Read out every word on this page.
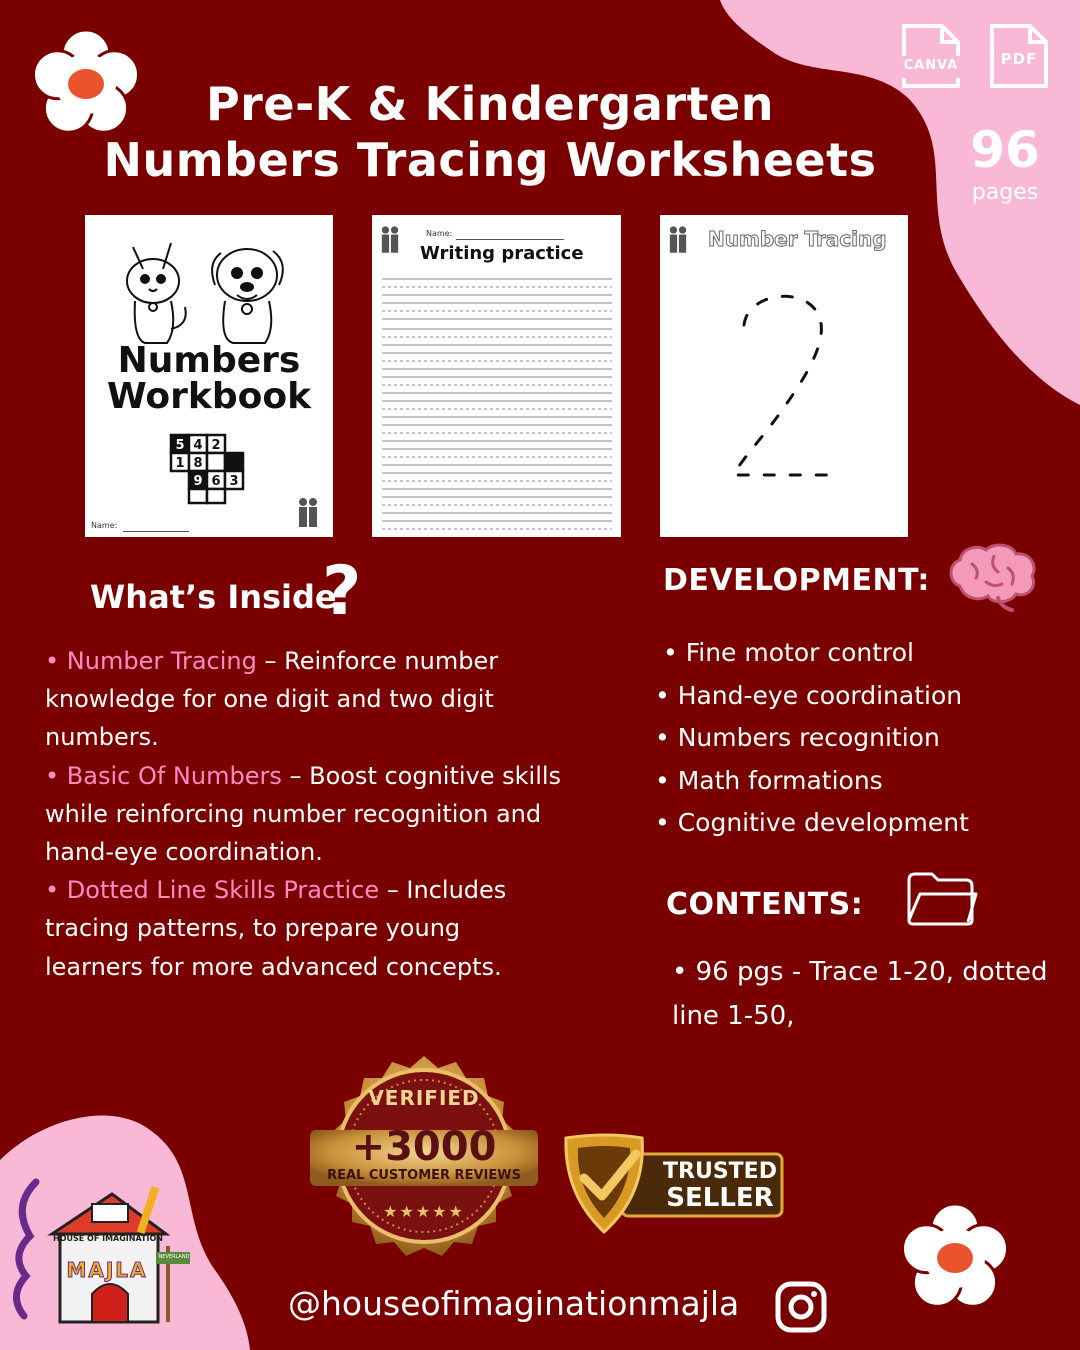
Pre-K & Kindergarten
Numbers Tracing Worksheets
CANVA	PDF
96
pages
Numbers
Workbook
5 4 2
1 8
9 6 3
Name:
Name:
Writing practice
Number Tracing
What’s Inside
?
• Number Tracing – Reinforce number knowledge for one digit and two digit numbers.
• Basic Of Numbers – Boost cognitive skills while reinforcing number recognition and hand-eye coordination.
• Dotted Line Skills Practice – Includes tracing patterns, to prepare young learners for more advanced concepts.
DEVELOPMENT:
• Fine motor control
• Hand-eye coordination
• Numbers recognition
• Math formations
• Cognitive development
CONTENTS:
• 96 pgs - Trace 1-20, dotted line 1-50,
VERIFIED
+3000
REAL CUSTOMER REVIEWS
★★★★★
TRUSTED
SELLER
HOUSE OF IMAGINATION
MAJLA
NEVERLAND
@houseofimaginationmajla
